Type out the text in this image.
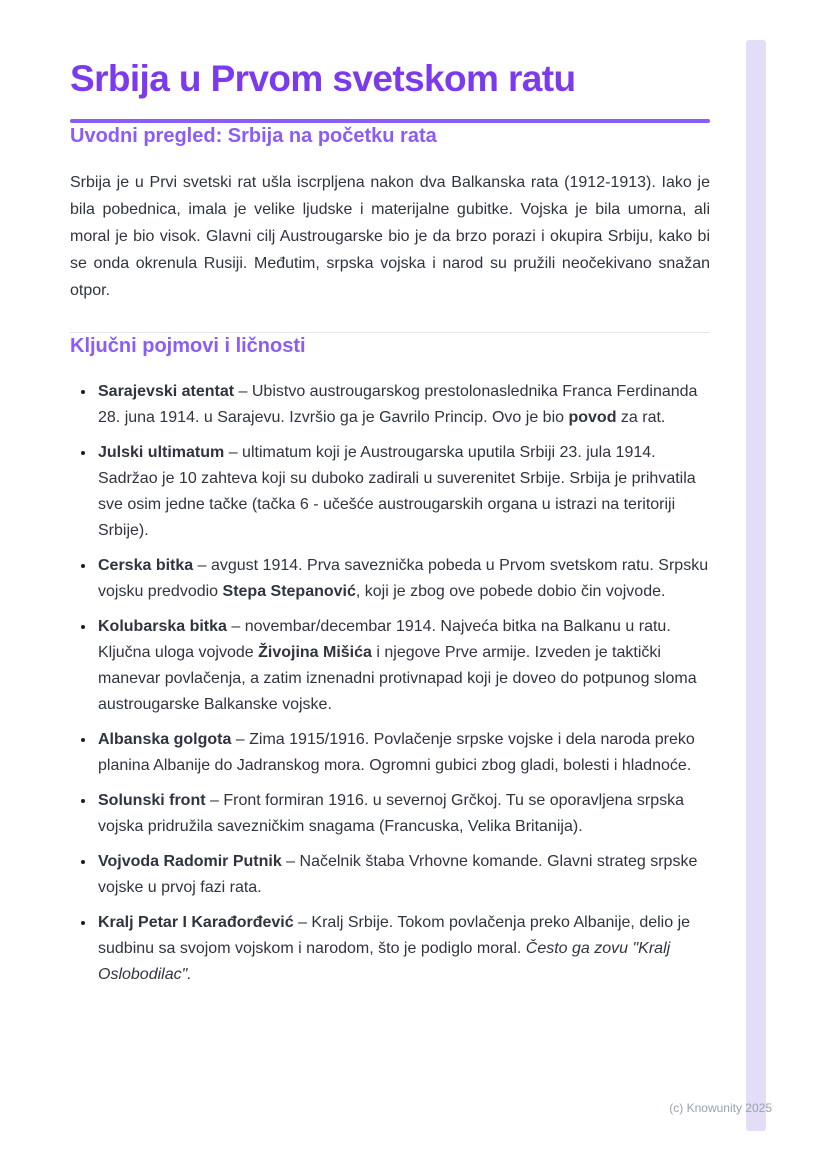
Srbija u Prvom svetskom ratu
Uvodni pregled: Srbija na početku rata

Srbija je u Prvi svetski rat ušla iscrpljena nakon dva Balkanska rata (1912-1913). Iako je bila pobednica, imala je velike ljudske i materijalne gubitke. Vojska je bila umorna, ali moral je bio visok. Glavni cilj Austrougarske bio je da brzo porazi i okupira Srbiju, kako bi se onda okrenula Rusiji. Međutim, srpska vojska i narod su pružili neočekivano snažan otpor.

Ključni pojmovi i ličnosti
• Sarajevski atentat – Ubistvo austrougarskog prestolonaslednika Franca Ferdinanda 28. juna 1914. u Sarajevu. Izvršio ga je Gavrilo Princip. Ovo je bio povod za rat.
• Julski ultimatum – ultimatum koji je Austrougarska uputila Srbiji 23. jula 1914. Sadržao je 10 zahteva koji su duboko zadirali u suverenitet Srbije. Srbija je prihvatila sve osim jedne tačke (tačka 6 - učešće austrougarskih organa u istrazi na teritoriji Srbije).
• Cerska bitka – avgust 1914. Prva saveznička pobeda u Prvom svetskom ratu. Srpsku vojsku predvodio Stepa Stepanović, koji je zbog ove pobede dobio čin vojvode.
• Kolubarska bitka – novembar/decembar 1914. Najveća bitka na Balkanu u ratu. Ključna uloga vojvode Živojina Mišića i njegove Prve armije. Izveden je taktički manevar povlačenja, a zatim iznenadni protivnapad koji je doveo do potpunog sloma austrougarske Balkanske vojske.
• Albanska golgota – Zima 1915/1916. Povlačenje srpske vojske i dela naroda preko planina Albanije do Jadranskog mora. Ogromni gubici zbog gladi, bolesti i hladnoće.
• Solunski front – Front formiran 1916. u severnoj Grčkoj. Tu se oporavljena srpska vojska pridružila savezničkim snagama (Francuska, Velika Britanija).
• Vojvoda Radomir Putnik – Načelnik štaba Vrhovne komande. Glavni strateg srpske vojske u prvoj fazi rata.
• Kralj Petar I Karađorđević – Kralj Srbije. Tokom povlačenja preko Albanije, delio je sudbinu sa svojom vojskom i narodom, što je podiglo moral. Često ga zovu "Kralj Oslobodilac".
(c) Knowunity 2025
